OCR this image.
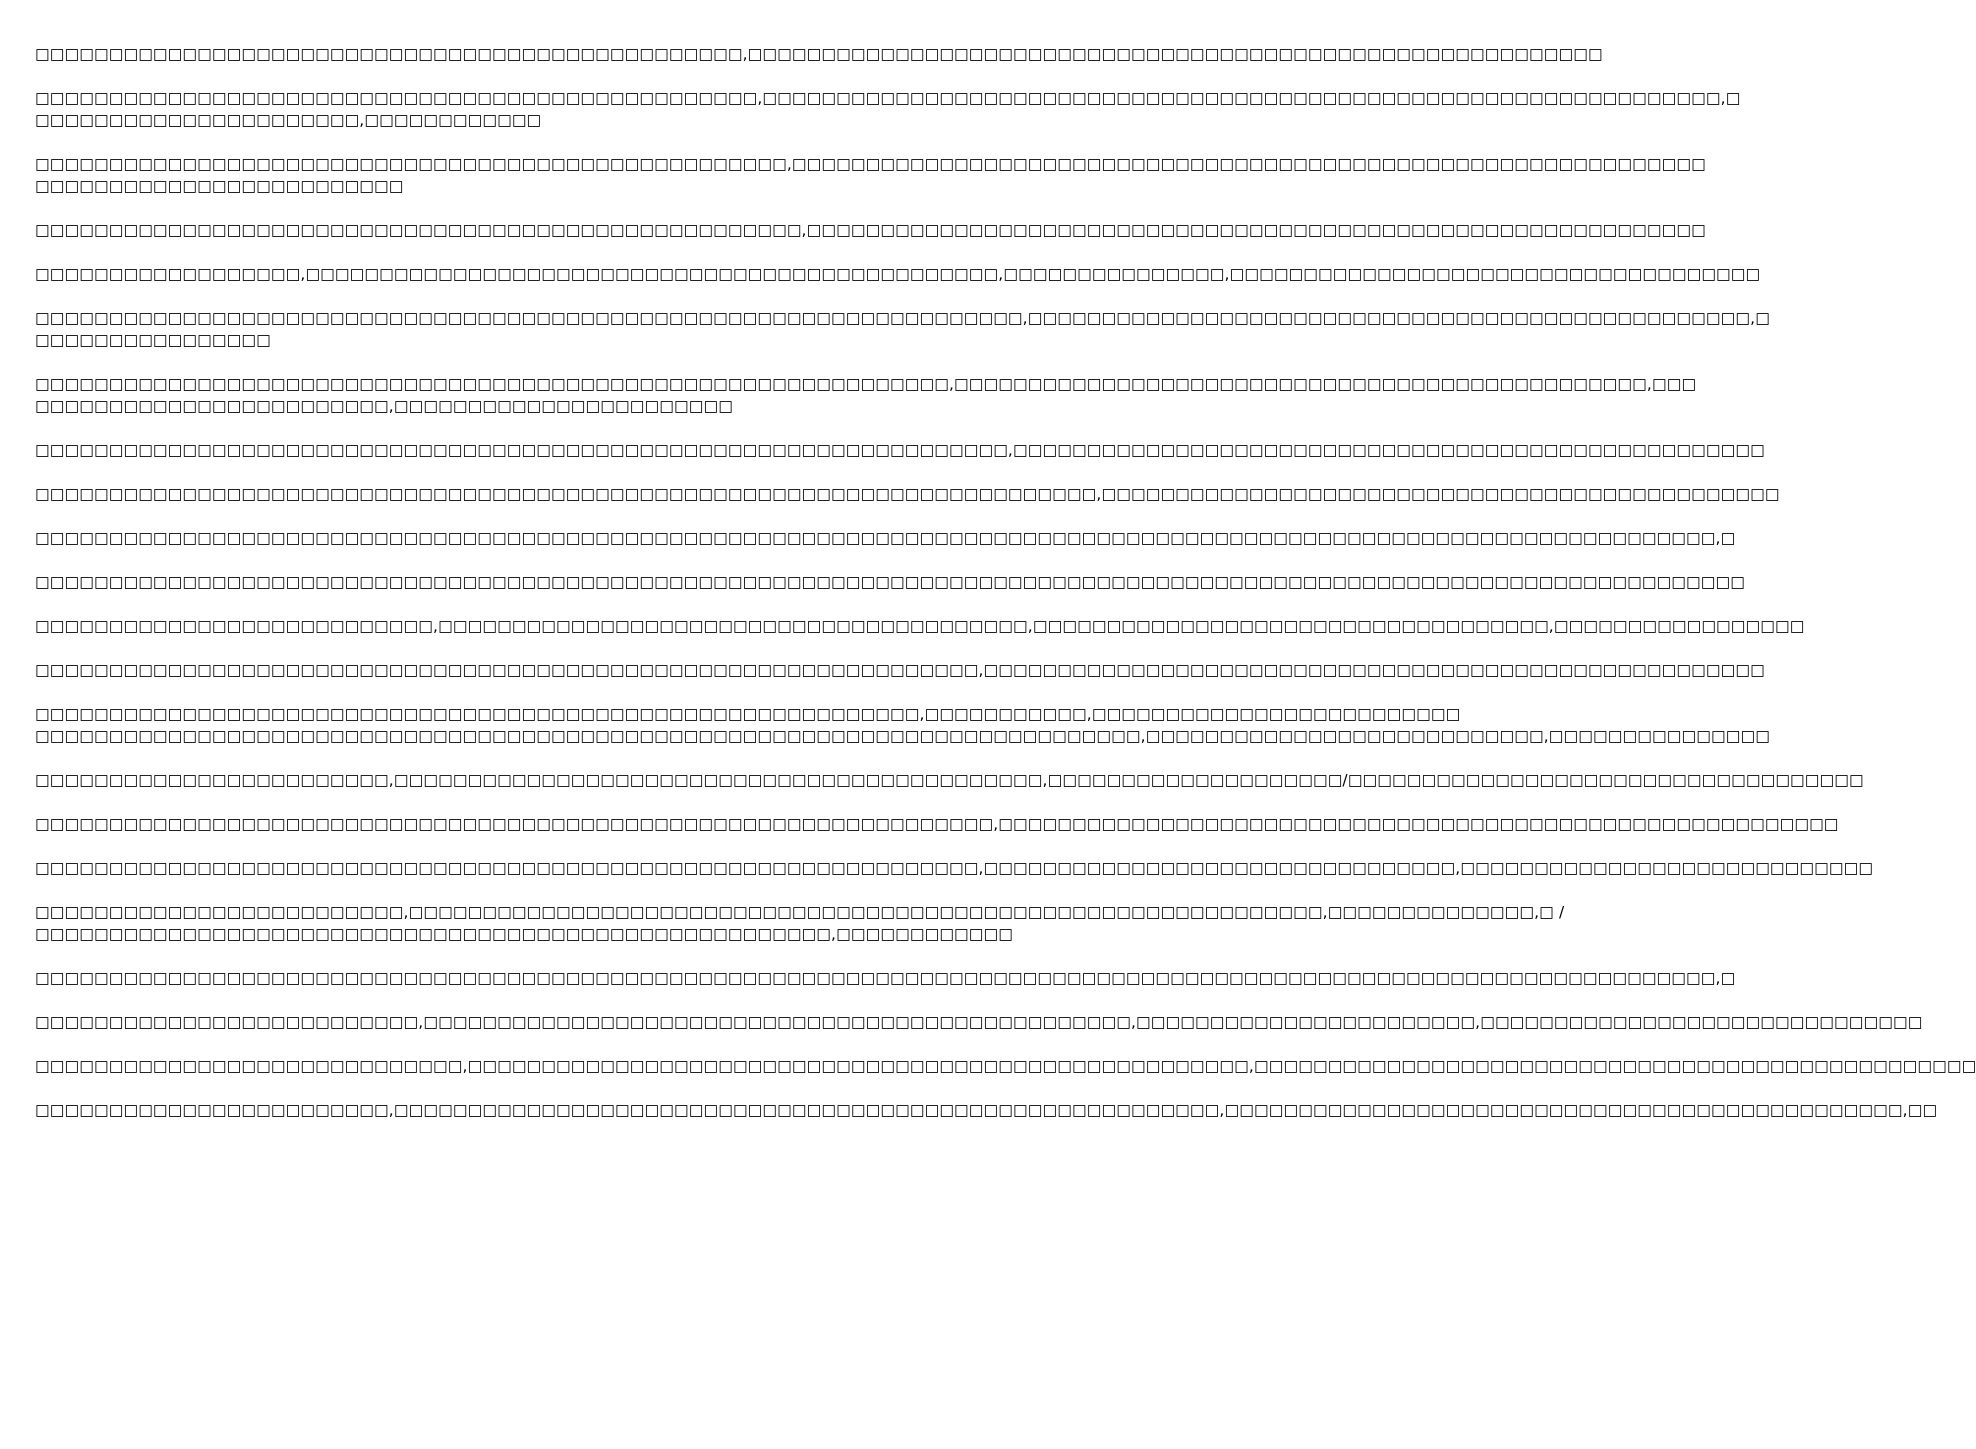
□□□□□□□□□□□□□□□□□□□□□□□□□□□□□□□□□□□□□□□□□□□□□□□□,□□□□□□□□□□□□□□□□□□□□□□□□□□□□□□□□□□□□□□□□□□□□□□□□□□□□□□□□□□
□□□□□□□□□□□□□□□□□□□□□□□□□□□□□□□□□□□□□□□□□□□□□□□□□,□□□□□□□□□□□□□□□□□□□□□□□□□□□□□□□□□□□□□□□□□□□□□□□□□□□□□□□□□□□□□□□□□,□
□□□□□□□□□□□□□□□□□□□□□□,□□□□□□□□□□□□
□□□□□□□□□□□□□□□□□□□□□□□□□□□□□□□□□□□□□□□□□□□□□□□□□□□,□□□□□□□□□□□□□□□□□□□□□□□□□□□□□□□□□□□□□□□□□□□□□□□□□□□□□□□□□□□□□□
□□□□□□□□□□□□□□□□□□□□□□□□□
□□□□□□□□□□□□□□□□□□□□□□□□□□□□□□□□□□□□□□□□□□□□□□□□□□□□,□□□□□□□□□□□□□□□□□□□□□□□□□□□□□□□□□□□□□□□□□□□□□□□□□□□□□□□□□□□□□
□□□□□□□□□□□□□□□□□□,□□□□□□□□□□□□□□□□□□□□□□□□□□□□□□□□□□□□□□□□□□□□□□□,□□□□□□□□□□□□□□□,□□□□□□□□□□□□□□□□□□□□□□□□□□□□□□□□□□□□
□□□□□□□□□□□□□□□□□□□□□□□□□□□□□□□□□□□□□□□□□□□□□□□□□□□□□□□□□□□□□□□□□□□,□□□□□□□□□□□□□□□□□□□□□□□□□□□□□□□□□□□□□□□□□□□□□□□□□,□
□□□□□□□□□□□□□□□□
□□□□□□□□□□□□□□□□□□□□□□□□□□□□□□□□□□□□□□□□□□□□□□□□□□□□□□□□□□□□□□,□□□□□□□□□□□□□□□□□□□□□□□□□□□□□□□□□□□□□□□□□□□□□□□,□□□
□□□□□□□□□□□□□□□□□□□□□□□□,□□□□□□□□□□□□□□□□□□□□□□□
□□□□□□□□□□□□□□□□□□□□□□□□□□□□□□□□□□□□□□□□□□□□□□□□□□□□□□□□□□□□□□□□□□,□□□□□□□□□□□□□□□□□□□□□□□□□□□□□□□□□□□□□□□□□□□□□□□□□□□
□□□□□□□□□□□□□□□□□□□□□□□□□□□□□□□□□□□□□□□□□□□□□□□□□□□□□□□□□□□□□□□□□□□□□□□□,□□□□□□□□□□□□□□□□□□□□□□□□□□□□□□□□□□□□□□□□□□□□□□
□□□□□□□□□□□□□□□□□□□□□□□□□□□□□□□□□□□□□□□□□□□□□□□□□□□□□□□□□□□□□□□□□□□□□□□□□□□□□□□□□□□□□□□□□□□□□□□□□□□□□□□□□□□□□□□□□□,□
□□□□□□□□□□□□□□□□□□□□□□□□□□□□□□□□□□□□□□□□□□□□□□□□□□□□□□□□□□□□□□□□□□□□□□□□□□□□□□□□□□□□□□□□□□□□□□□□□□□□□□□□□□□□□□□□□□□□
□□□□□□□□□□□□□□□□□□□□□□□□□□□,□□□□□□□□□□□□□□□□□□□□□□□□□□□□□□□□□□□□□□□□,□□□□□□□□□□□□□□□□□□□□□□□□□□□□□□□□□□□,□□□□□□□□□□□□□□□□□
□□□□□□□□□□□□□□□□□□□□□□□□□□□□□□□□□□□□□□□□□□□□□□□□□□□□□□□□□□□□□□□□,□□□□□□□□□□□□□□□□□□□□□□□□□□□□□□□□□□□□□□□□□□□□□□□□□□□□□
□□□□□□□□□□□□□□□□□□□□□□□□□□□□□□□□□□□□□□□□□□□□□□□□□□□□□□□□□□□□,□□□□□□□□□□□,□□□□□□□□□□□□□□□□□□□□□□□□□
□□□□□□□□□□□□□□□□□□□□□□□□□□□□□□□□□□□□□□□□□□□□□□□□□□□□□□□□□□□□□□□□□□□□□□□□□□□,□□□□□□□□□□□□□□□□□□□□□□□□□□□,□□□□□□□□□□□□□□□
□□□□□□□□□□□□□□□□□□□□□□□□,□□□□□□□□□□□□□□□□□□□□□□□□□□□□□□□□□□□□□□□□□□□□,□□□□□□□□□□□□□□□□□□□□/□□□□□□□□□□□□□□□□□□□□□□□□□□□□□□□□□□□
□□□□□□□□□□□□□□□□□□□□□□□□□□□□□□□□□□□□□□□□□□□□□□□□□□□□□□□□□□□□□□□□□,□□□□□□□□□□□□□□□□□□□□□□□□□□□□□□□□□□□□□□□□□□□□□□□□□□□□□□□□□
□□□□□□□□□□□□□□□□□□□□□□□□□□□□□□□□□□□□□□□□□□□□□□□□□□□□□□□□□□□□□□□□,□□□□□□□□□□□□□□□□□□□□□□□□□□□□□□□□,□□□□□□□□□□□□□□□□□□□□□□□□□□□□
□□□□□□□□□□□□□□□□□□□□□□□□□,□□□□□□□□□□□□□□□□□□□□□□□□□□□□□□□□□□□□□□□□□□□□□□□□□□□□□□□□□□□□□□,□□□□□□□□□□□□□□,□ /
□□□□□□□□□□□□□□□□□□□□□□□□□□□□□□□□□□□□□□□□□□□□□□□□□□□□□□,□□□□□□□□□□□□
□□□□□□□□□□□□□□□□□□□□□□□□□□□□□□□□□□□□□□□□□□□□□□□□□□□□□□□□□□□□□□□□□□□□□□□□□□□□□□□□□□□□□□□□□□□□□□□□□□□□□□□□□□□□□□□□□□,□
□□□□□□□□□□□□□□□□□□□□□□□□□□,□□□□□□□□□□□□□□□□□□□□□□□□□□□□□□□□□□□□□□□□□□□□□□□□,□□□□□□□□□□□□□□□□□□□□□□□,□□□□□□□□□□□□□□□□□□□□□□□□□□□□□□
□□□□□□□□□□□□□□□□□□□□□□□□□□□□□,□□□□□□□□□□□□□□□□□□□□□□□□□□□□□□□□□□□□□□□□□□□□□□□□□□□□□,□□□□□□□□□□□□□□□□□□□□□□□□□□□□□□□□□□□□□□□□□□□□□□□□□
□□□□□□□□□□□□□□□□□□□□□□□□,□□□□□□□□□□□□□□□□□□□□□□□□□□□□□□□□□□□□□□□□□□□□□□□□□□□□□□□□,□□□□□□□□□□□□□□□□□□□□□□□□□□□□□□□□□□□□□□□□□□□□□□,□□
